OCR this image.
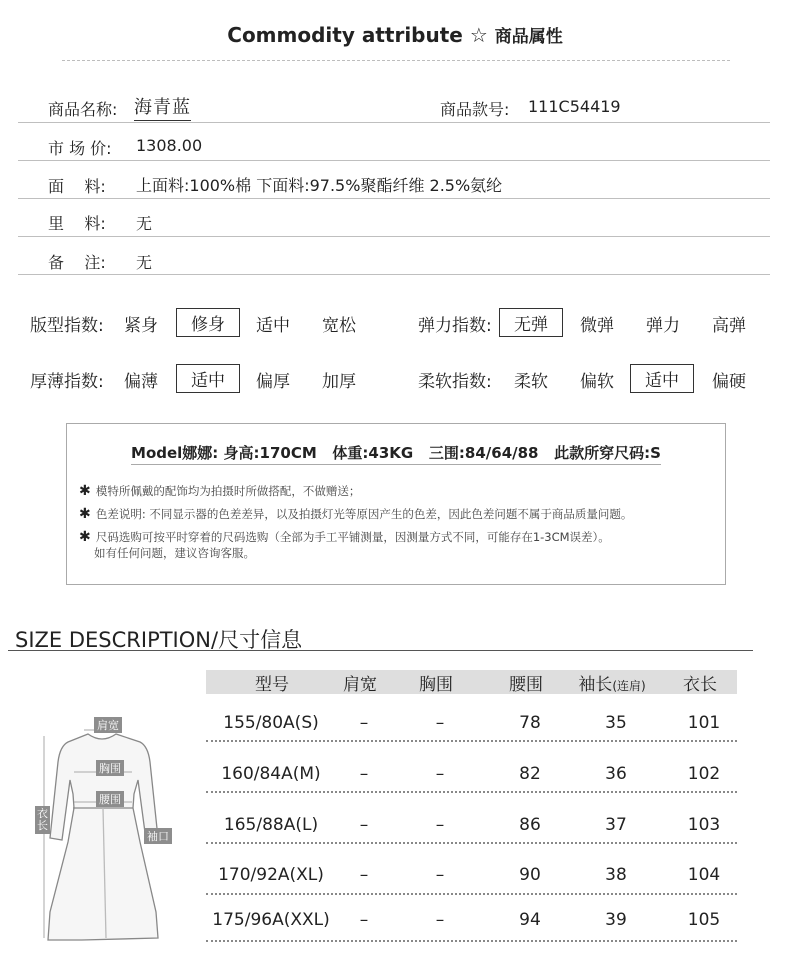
Commodity attribute ☆ 商品属性
商品名称: 海青蓝	商品款号: 111C54419
市 场 价: 1308.00
面    料: 上面料:100%棉 下面料:97.5%聚酯纤维 2.5%氨纶
里    料: 无
备    注: 无
版型指数: 紧身	修身	适中 宽松	弹力指数:	无弹	微弹 弹力 高弹
厚薄指数: 偏薄	适中	偏厚 加厚	柔软指数: 柔软 偏软	适中	偏硬
Model娜娜: 身高:170CM   体重:43KG   三围:84/64/88   此款所穿尺码:S
✱ 模特所佩戴的配饰均为拍摄时所做搭配，不做赠送；
✱ 色差说明: 不同显示器的色差差异，以及拍摄灯光等原因产生的色差，因此色差问题不属于商品质量问题。
✱ 尺码选购可按平时穿着的尺码选购（全部为手工平铺测量，因测量方式不同，可能存在1-3CM误差）。
如有任何问题，建议咨询客服。
SIZE DESCRIPTION/尺寸信息
肩宽
胸围
腰围
衣长
袖口
型号	肩宽	胸围	腰围	袖长(连肩)	衣长
155/80A(S)	–	–	78	35	101
160/84A(M)	–	–	82	36	102
165/88A(L)	–	–	86	37	103
170/92A(XL)	–	–	90	38	104
175/96A(XXL)	–	–	94	39	105
